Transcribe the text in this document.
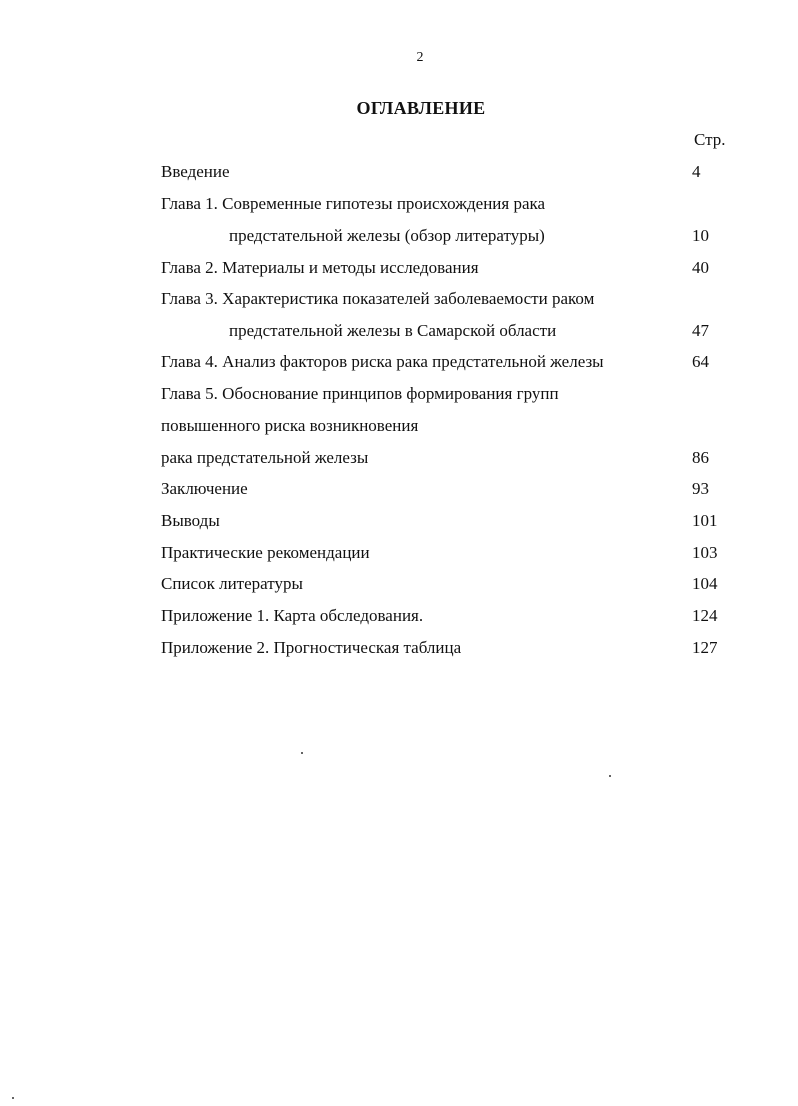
2
ОГЛАВЛЕНИЕ
Стр.
Введение	4
Глава 1. Современные гипотезы происхождения рака
предстательной железы (обзор литературы)	10
Глава 2. Материалы и методы исследования	40
Глава 3. Характеристика показателей заболеваемости раком
предстательной железы в Самарской области	47
Глава 4. Анализ факторов риска рака предстательной железы	64
Глава 5. Обоснование принципов формирования групп
повышенного риска возникновения
рака предстательной железы	86
Заключение	93
Выводы	101
Практические рекомендации	103
Список литературы	104
Приложение 1. Карта обследования.	124
Приложение 2. Прогностическая таблица	127
